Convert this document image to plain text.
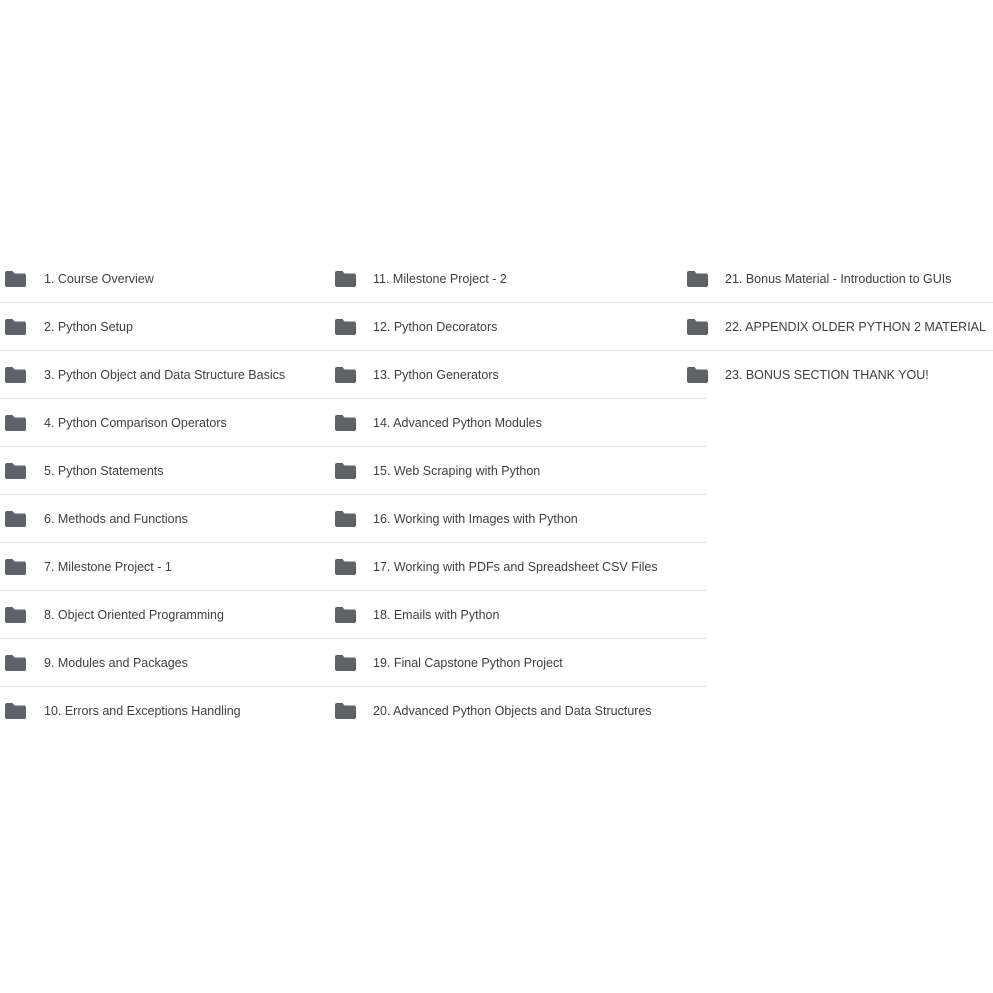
1. Course Overview
2. Python Setup
3. Python Object and Data Structure Basics
4. Python Comparison Operators
5. Python Statements
6. Methods and Functions
7. Milestone Project - 1
8. Object Oriented Programming
9. Modules and Packages
10. Errors and Exceptions Handling
11. Milestone Project - 2
12. Python Decorators
13. Python Generators
14. Advanced Python Modules
15. Web Scraping with Python
16. Working with Images with Python
17. Working with PDFs and Spreadsheet CSV Files
18. Emails with Python
19. Final Capstone Python Project
20. Advanced Python Objects and Data Structures
21. Bonus Material - Introduction to GUIs
22. APPENDIX OLDER PYTHON 2 MATERIAL
23. BONUS SECTION THANK YOU!
